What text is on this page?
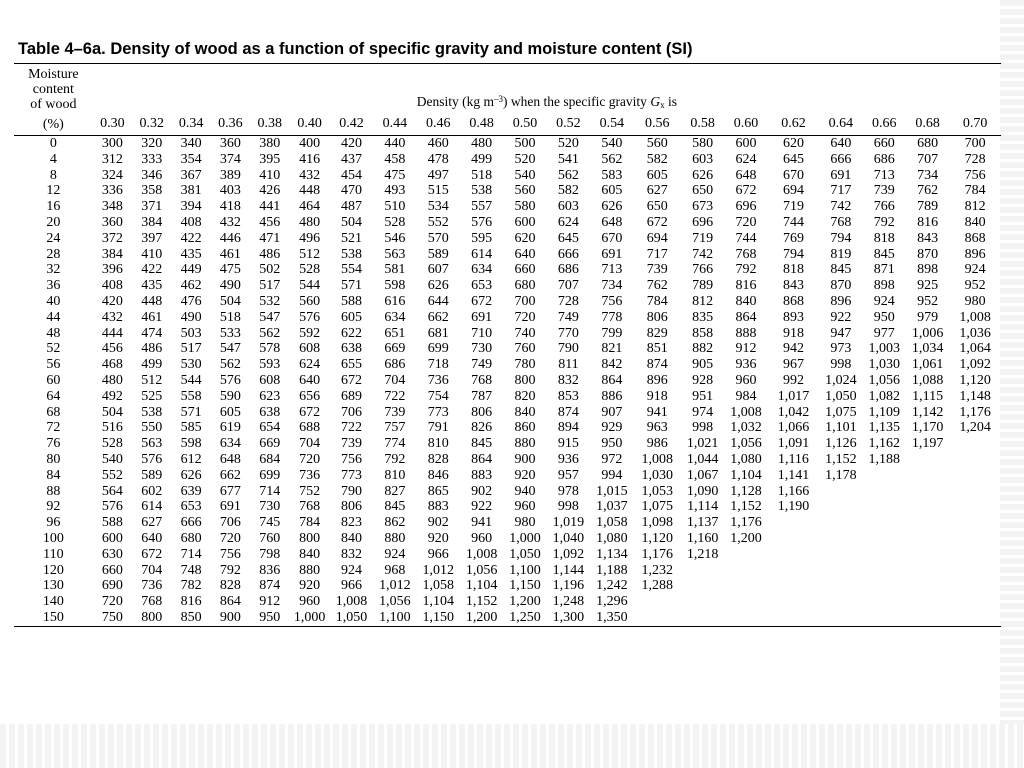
Table 4–6a. Density of wood as a function of specific gravity and moisture content (SI)
Moisture
content
of wood	Density (kg $m^{-3}$) when the specific gravity $G_x$ is																				
(%)	0.30	0.32	0.34	0.36	0.38	0.40	0.42	0.44	0.46	0.48	0.50	0.52	0.54	0.56	0.58	0.60	0.62	0.64	0.66	0.68	0.70
0	300	320	340	360	380	400	420	440	460	480	500	520	540	560	580	600	620	640	660	680	700
4	312	333	354	374	395	416	437	458	478	499	520	541	562	582	603	624	645	666	686	707	728
8	324	346	367	389	410	432	454	475	497	518	540	562	583	605	626	648	670	691	713	734	756
12	336	358	381	403	426	448	470	493	515	538	560	582	605	627	650	672	694	717	739	762	784
16	348	371	394	418	441	464	487	510	534	557	580	603	626	650	673	696	719	742	766	789	812
20	360	384	408	432	456	480	504	528	552	576	600	624	648	672	696	720	744	768	792	816	840
24	372	397	422	446	471	496	521	546	570	595	620	645	670	694	719	744	769	794	818	843	868
28	384	410	435	461	486	512	538	563	589	614	640	666	691	717	742	768	794	819	845	870	896
32	396	422	449	475	502	528	554	581	607	634	660	686	713	739	766	792	818	845	871	898	924
36	408	435	462	490	517	544	571	598	626	653	680	707	734	762	789	816	843	870	898	925	952
40	420	448	476	504	532	560	588	616	644	672	700	728	756	784	812	840	868	896	924	952	980
44	432	461	490	518	547	576	605	634	662	691	720	749	778	806	835	864	893	922	950	979	1,008
48	444	474	503	533	562	592	622	651	681	710	740	770	799	829	858	888	918	947	977	1,006	1,036
52	456	486	517	547	578	608	638	669	699	730	760	790	821	851	882	912	942	973	1,003	1,034	1,064
56	468	499	530	562	593	624	655	686	718	749	780	811	842	874	905	936	967	998	1,030	1,061	1,092
60	480	512	544	576	608	640	672	704	736	768	800	832	864	896	928	960	992	1,024	1,056	1,088	1,120
64	492	525	558	590	623	656	689	722	754	787	820	853	886	918	951	984	1,017	1,050	1,082	1,115	1,148
68	504	538	571	605	638	672	706	739	773	806	840	874	907	941	974	1,008	1,042	1,075	1,109	1,142	1,176
72	516	550	585	619	654	688	722	757	791	826	860	894	929	963	998	1,032	1,066	1,101	1,135	1,170	1,204
76	528	563	598	634	669	704	739	774	810	845	880	915	950	986	1,021	1,056	1,091	1,126	1,162	1,197	
80	540	576	612	648	684	720	756	792	828	864	900	936	972	1,008	1,044	1,080	1,116	1,152	1,188		
84	552	589	626	662	699	736	773	810	846	883	920	957	994	1,030	1,067	1,104	1,141	1,178			
88	564	602	639	677	714	752	790	827	865	902	940	978	1,015	1,053	1,090	1,128	1,166				
92	576	614	653	691	730	768	806	845	883	922	960	998	1,037	1,075	1,114	1,152	1,190				
96	588	627	666	706	745	784	823	862	902	941	980	1,019	1,058	1,098	1,137	1,176					
100	600	640	680	720	760	800	840	880	920	960	1,000	1,040	1,080	1,120	1,160	1,200					
110	630	672	714	756	798	840	832	924	966	1,008	1,050	1,092	1,134	1,176	1,218						
120	660	704	748	792	836	880	924	968	1,012	1,056	1,100	1,144	1,188	1,232							
130	690	736	782	828	874	920	966	1,012	1,058	1,104	1,150	1,196	1,242	1,288							
140	720	768	816	864	912	960	1,008	1,056	1,104	1,152	1,200	1,248	1,296								
150	750	800	850	900	950	1,000	1,050	1,100	1,150	1,200	1,250	1,300	1,350								
